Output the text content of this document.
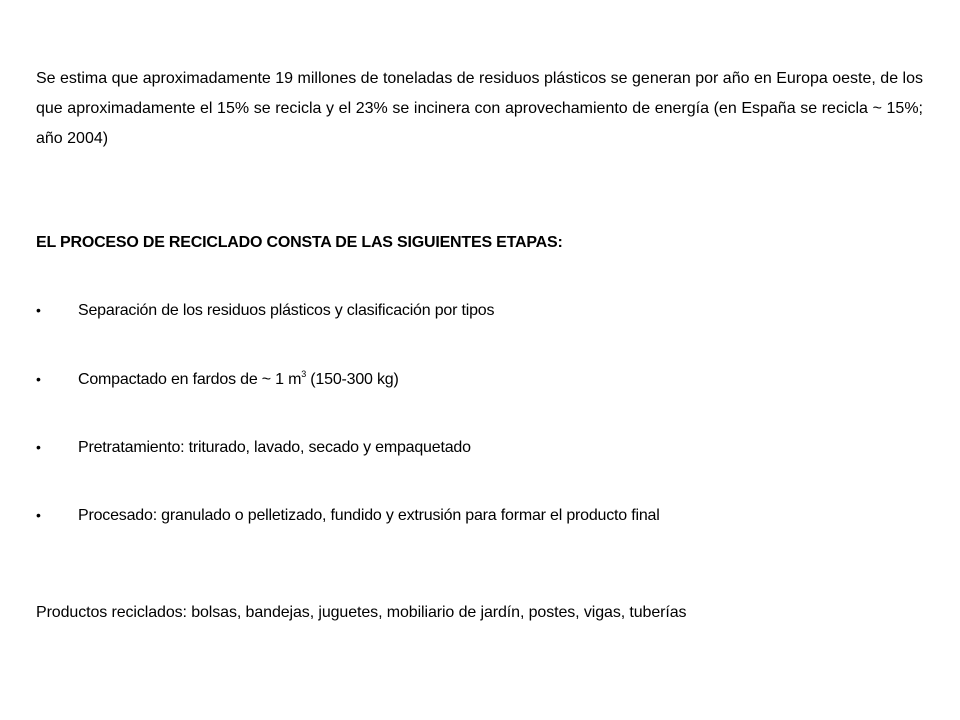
Se estima que aproximadamente 19 millones de toneladas de residuos plásticos se generan por año en Europa oeste, de los que aproximadamente el 15% se recicla y el 23% se incinera con aprovechamiento de energía (en España se recicla ~ 15%; año 2004)

EL PROCESO DE RECICLADO CONSTA DE LAS SIGUIENTES ETAPAS:

•	Separación de los residuos plásticos y clasificación por tipos
•	Compactado en fardos de ~ 1 $m^3$ (150-300 kg)
•	Pretratamiento: triturado, lavado, secado y empaquetado
•	Procesado: granulado o pelletizado, fundido y extrusión para formar el producto final

Productos reciclados: bolsas, bandejas, juguetes, mobiliario de jardín, postes, vigas, tuberías
